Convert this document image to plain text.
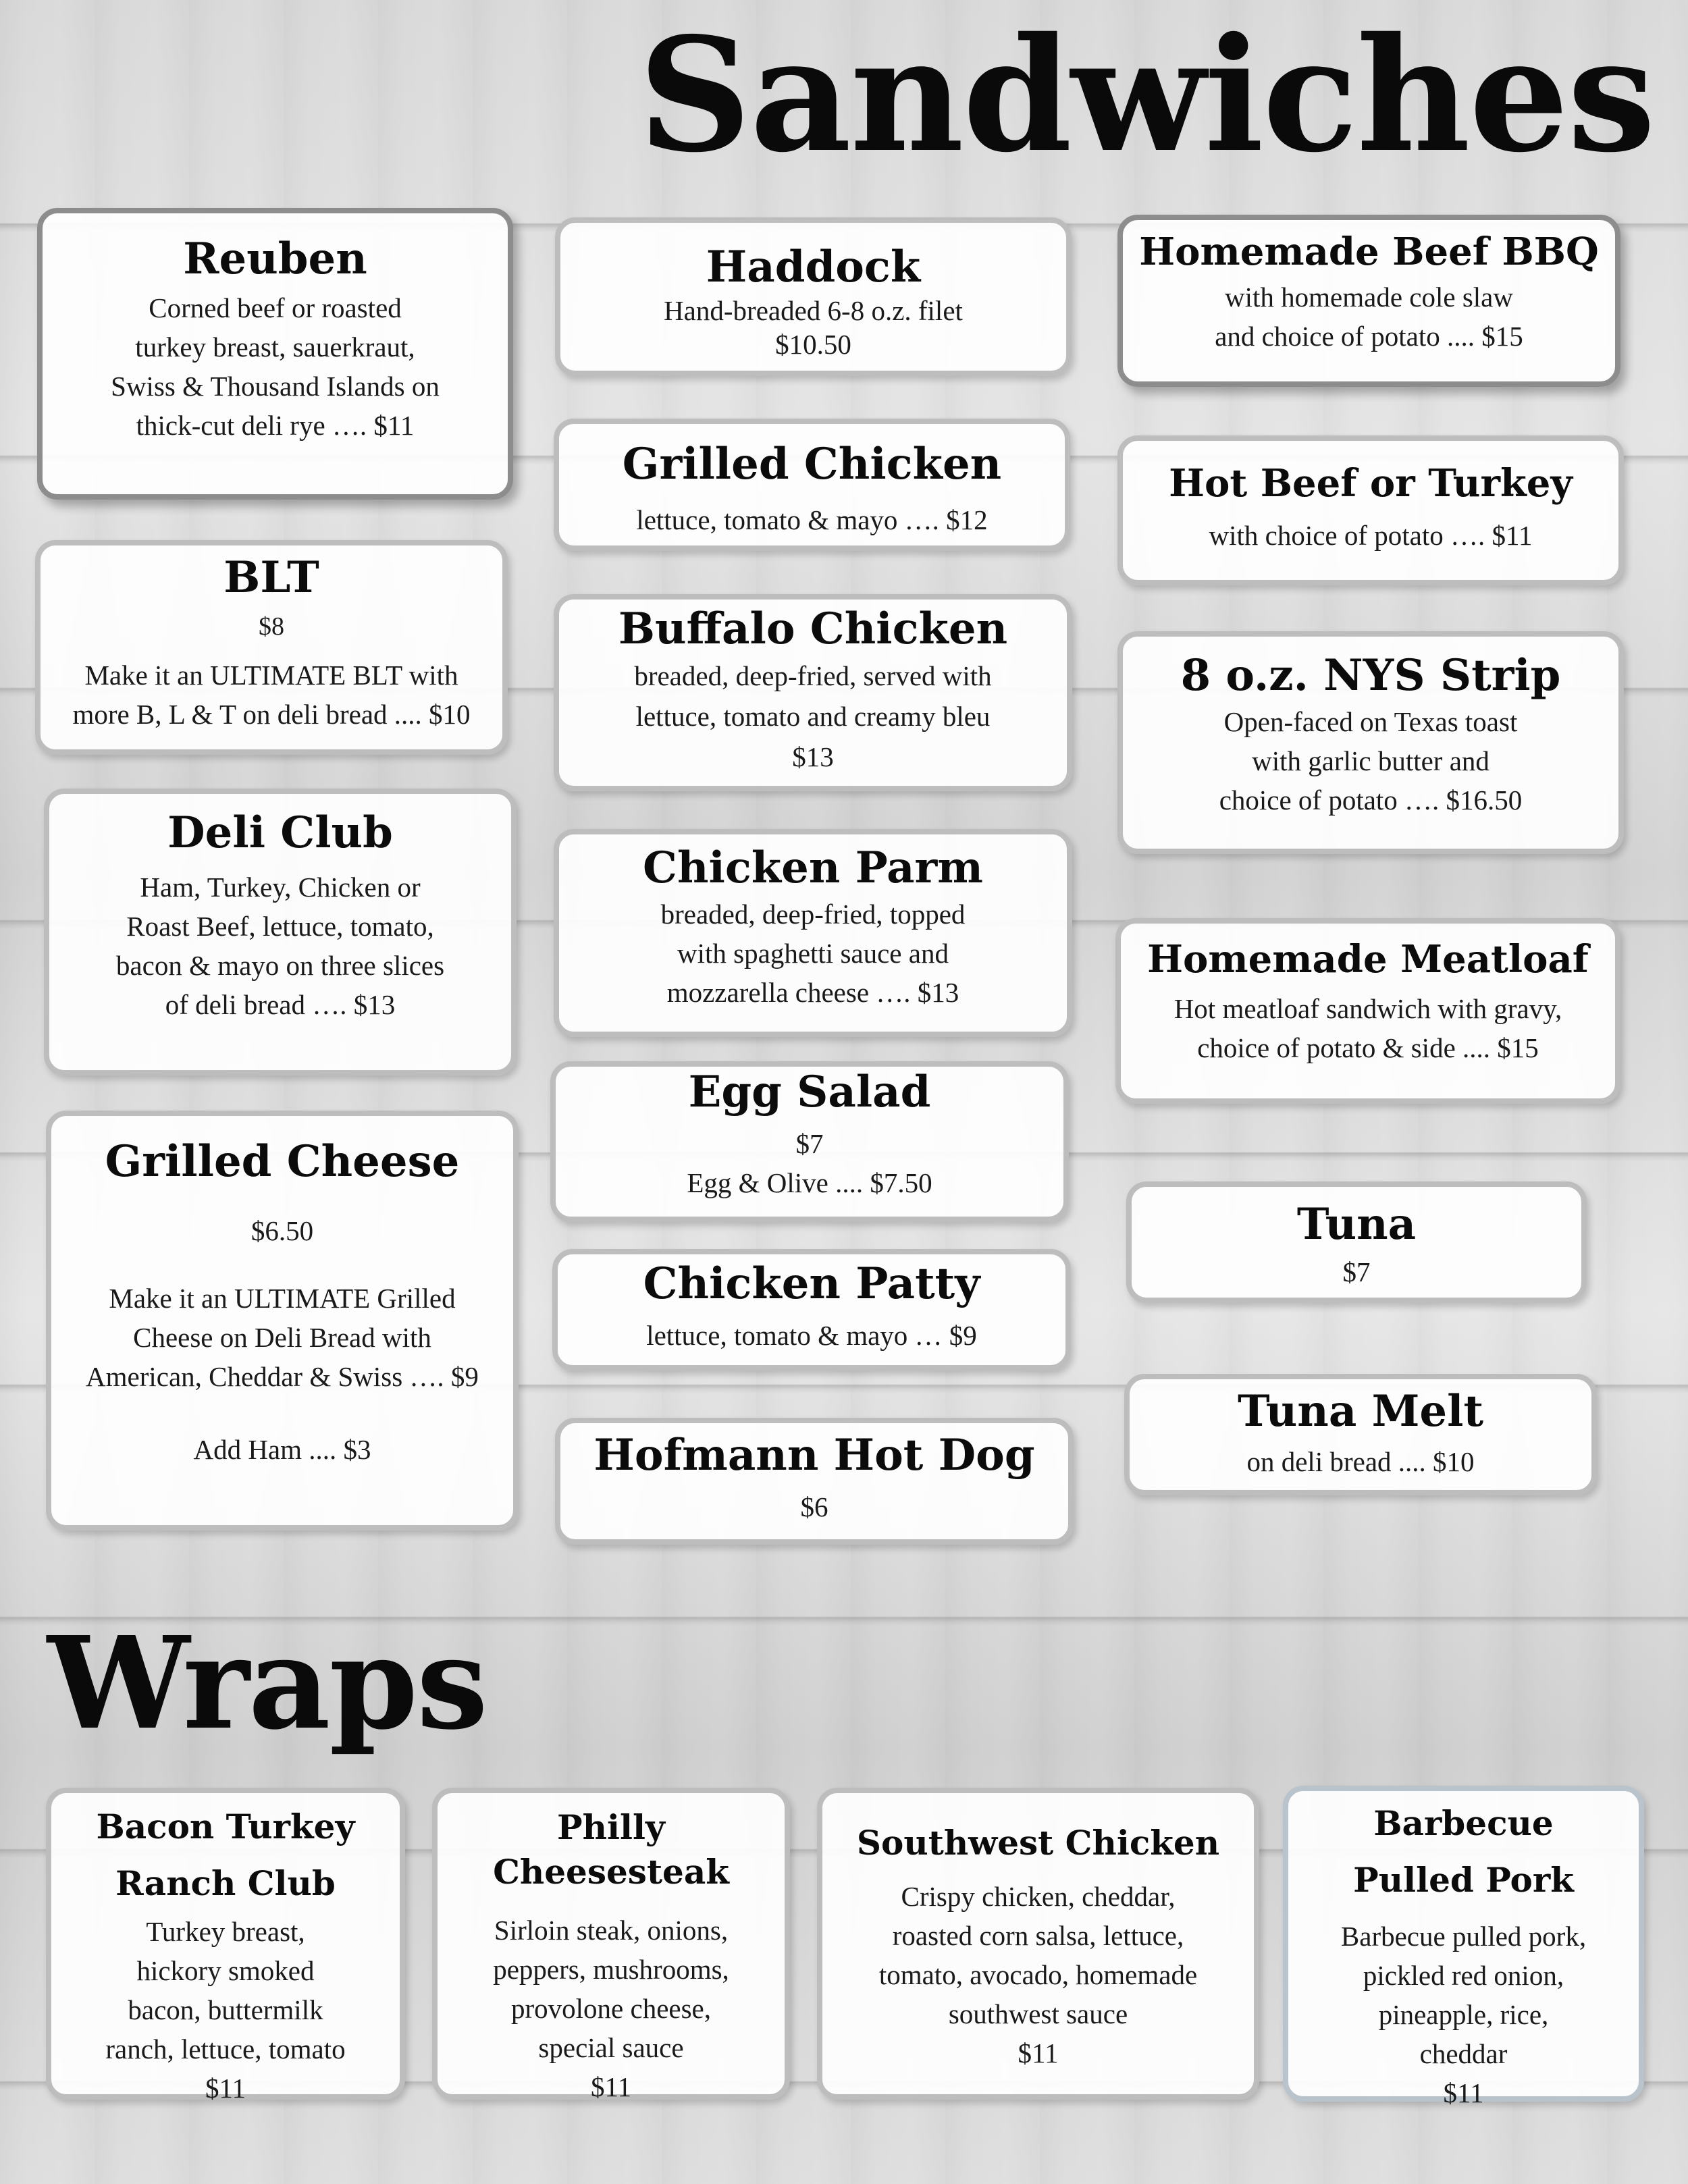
Sandwiches
Reuben
Corned beef or roasted
turkey breast, sauerkraut,
Swiss & Thousand Islands on
thick-cut deli rye …. $11
BLT
$8
Make it an ULTIMATE BLT with
more B, L & T on deli bread .... $10
Deli Club
Ham, Turkey, Chicken or
Roast Beef, lettuce, tomato,
bacon & mayo on three slices
of deli bread …. $13
Grilled Cheese
$6.50
Make it an ULTIMATE Grilled
Cheese on Deli Bread with
American, Cheddar & Swiss …. $9
Add Ham .... $3
Haddock
Hand-breaded 6-8 o.z. filet
$10.50
Grilled Chicken
lettuce, tomato & mayo …. $12
Buffalo Chicken
breaded, deep-fried, served with
lettuce, tomato and creamy bleu
$13
Chicken Parm
breaded, deep-fried, topped
with spaghetti sauce and
mozzarella cheese …. $13
Egg Salad
$7
Egg & Olive .... $7.50
Chicken Patty
lettuce, tomato & mayo … $9
Hofmann Hot Dog
$6
Homemade Beef BBQ
with homemade cole slaw
and choice of potato .... $15
Hot Beef or Turkey
with choice of potato …. $11
8 o.z. NYS Strip
Open-faced on Texas toast
with garlic butter and
choice of potato …. $16.50
Homemade Meatloaf
Hot meatloaf sandwich with gravy,
choice of potato & side .... $15
Tuna
$7
Tuna Melt
on deli bread .... $10
Wraps
Bacon Turkey
Ranch Club
Turkey breast,
hickory smoked
bacon, buttermilk
ranch, lettuce, tomato
$11
Philly
Cheesesteak
Sirloin steak, onions,
peppers, mushrooms,
provolone cheese,
special sauce
$11
Southwest Chicken
Crispy chicken, cheddar,
roasted corn salsa, lettuce,
tomato, avocado, homemade
southwest sauce
$11
Barbecue
Pulled Pork
Barbecue pulled pork,
pickled red onion,
pineapple, rice,
cheddar
$11
